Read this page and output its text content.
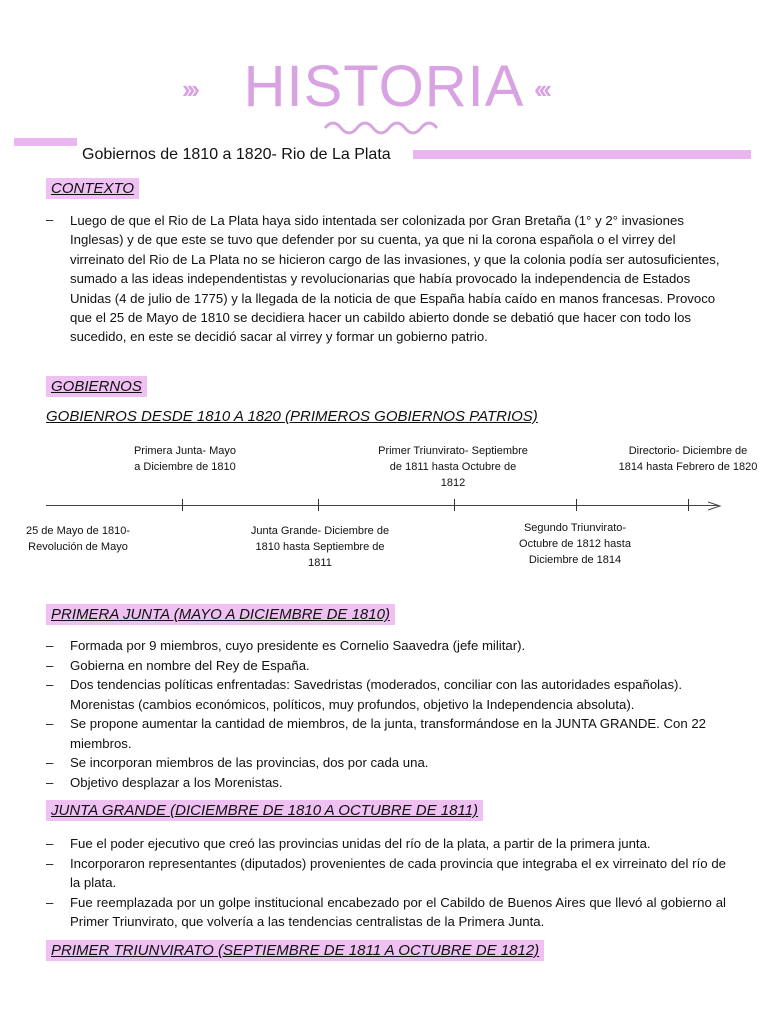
››› HISTORIA ‹‹‹
Gobiernos de 1810 a 1820- Rio de La Plata
CONTEXTO
– Luego de que el Rio de La Plata haya sido intentada ser colonizada por Gran Bretaña (1° y 2° invasiones Inglesas) y de que este se tuvo que defender por su cuenta, ya que ni la corona española o el virrey del virreinato del Rio de La Plata no se hicieron cargo de las invasiones, y que la colonia podía ser autosuficientes, sumado a las ideas independentistas y revolucionarias que había provocado la independencia de Estados Unidas (4 de julio de 1775) y la llegada de la noticia de que España había caído en manos francesas. Provoco que el 25 de Mayo de 1810 se decidiera hacer un cabildo abierto donde se debatió que hacer con todo los sucedido, en este se decidió sacar al virrey y formar un gobierno patrio.
GOBIERNOS
GOBIENROS DESDE 1810 A 1820 (PRIMEROS GOBIERNOS PATRIOS)
Primera Junta- Mayo a Diciembre de 1810
Primer Triunvirato- Septiembre de 1811 hasta Octubre de 1812
Directorio- Diciembre de 1814 hasta Febrero de 1820
25 de Mayo de 1810-Revolución de Mayo
Junta Grande- Diciembre de 1810 hasta Septiembre de 1811
Segundo Triunvirato-Octubre de 1812 hasta Diciembre de 1814
PRIMERA JUNTA (MAYO A DICIEMBRE DE 1810)
– Formada por 9 miembros, cuyo presidente es Cornelio Saavedra (jefe militar).
– Gobierna en nombre del Rey de España.
– Dos tendencias políticas enfrentadas: Savedristas (moderados, conciliar con las autoridades españolas). Morenistas (cambios económicos, políticos, muy profundos, objetivo la Independencia absoluta).
– Se propone aumentar la cantidad de miembros, de la junta, transformándose en la JUNTA GRANDE. Con 22 miembros.
– Se incorporan miembros de las provincias, dos por cada una.
– Objetivo desplazar a los Morenistas.
JUNTA GRANDE (DICIEMBRE DE 1810 A OCTUBRE DE 1811)
– Fue el poder ejecutivo que creó las provincias unidas del río de la plata, a partir de la primera junta.
– Incorporaron representantes (diputados) provenientes de cada provincia que integraba el ex virreinato del río de la plata.
– Fue reemplazada por un golpe institucional encabezado por el Cabildo de Buenos Aires que llevó al gobierno al Primer Triunvirato, que volvería a las tendencias centralistas de la Primera Junta.
PRIMER TRIUNVIRATO (SEPTIEMBRE DE 1811 A OCTUBRE DE 1812)
